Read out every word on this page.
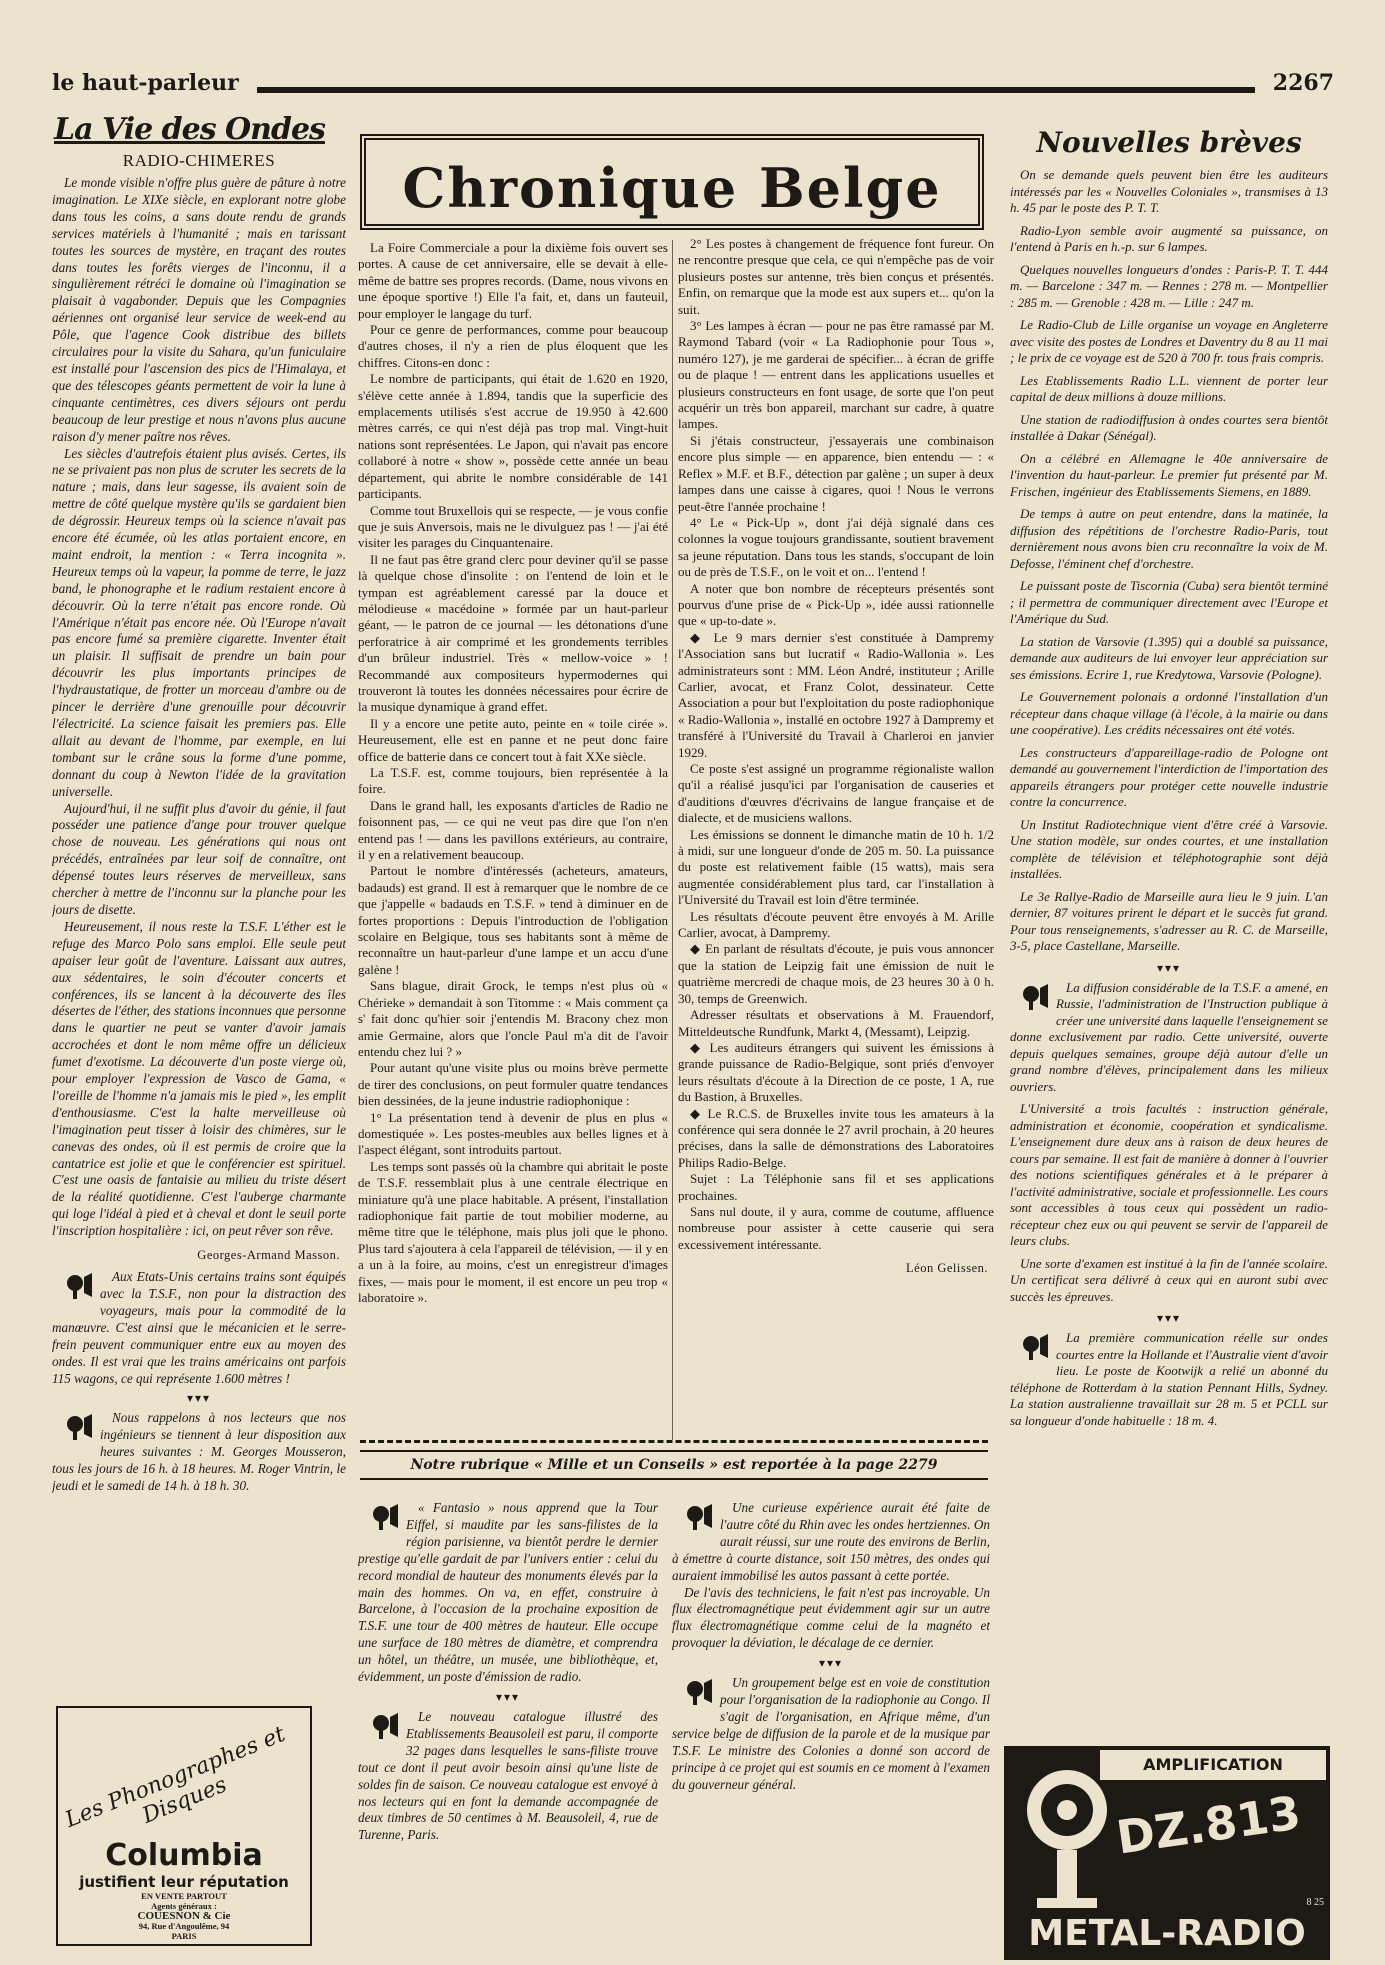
le haut-parleur	2267
La Vie des Ondes
RADIO-CHIMERES

Le monde visible n'offre plus guère de pâture à notre imagination. Le XIXe siècle, en explorant notre globe dans tous les coins, a sans doute rendu de grands services matériels à l'humanité ; mais en tarissant toutes les sources de mystère, en traçant des routes dans toutes les forêts vierges de l'inconnu, il a singulièrement rétréci le domaine où l'imagination se plaisait à vagabonder. Depuis que les Compagnies aériennes ont organisé leur service de week-end au Pôle, que l'agence Cook distribue des billets circulaires pour la visite du Sahara, qu'un funiculaire est installé pour l'ascension des pics de l'Himalaya, et que des télescopes géants permettent de voir la lune à cinquante centimètres, ces divers séjours ont perdu beaucoup de leur prestige et nous n'avons plus aucune raison d'y mener paître nos rêves.

Les siècles d'autrefois étaient plus avisés. Certes, ils ne se privaient pas non plus de scruter les secrets de la nature ; mais, dans leur sagesse, ils avaient soin de mettre de côté quelque mystère qu'ils se gardaient bien de dégrossir. Heureux temps où la science n'avait pas encore été écumée, où les atlas portaient encore, en maint endroit, la mention : « Terra incognita ». Heureux temps où la vapeur, la pomme de terre, le jazz band, le phonographe et le radium restaient encore à découvrir. Où la terre n'était pas encore ronde. Où l'Amérique n'était pas encore née. Où l'Europe n'avait pas encore fumé sa première cigarette. Inventer était un plaisir. Il suffisait de prendre un bain pour découvrir les plus importants principes de l'hydraustatique, de frotter un morceau d'ambre ou de pincer le derrière d'une grenouille pour découvrir l'électricité. La science faisait les premiers pas. Elle allait au devant de l'homme, par exemple, en lui tombant sur le crâne sous la forme d'une pomme, donnant du coup à Newton l'idée de la gravitation universelle.

Aujourd'hui, il ne suffit plus d'avoir du génie, il faut posséder une patience d'ange pour trouver quelque chose de nouveau. Les générations qui nous ont précédés, entraînées par leur soif de connaître, ont dépensé toutes leurs réserves de merveilleux, sans chercher à mettre de l'inconnu sur la planche pour les jours de disette.

Heureusement, il nous reste la T.S.F. L'éther est le refuge des Marco Polo sans emploi. Elle seule peut apaiser leur goût de l'aventure. Laissant aux autres, aux sédentaires, le soin d'écouter concerts et conférences, ils se lancent à la découverte des îles désertes de l'éther, des stations inconnues que personne dans le quartier ne peut se vanter d'avoir jamais accrochées et dont le nom même offre un délicieux fumet d'exotisme. La découverte d'un poste vierge où, pour employer l'expression de Vasco de Gama, « l'oreille de l'homme n'a jamais mis le pied », les emplit d'enthousiasme. C'est la halte merveilleuse où l'imagination peut tisser à loisir des chimères, sur le canevas des ondes, où il est permis de croire que la cantatrice est jolie et que le conférencier est spirituel. C'est une oasis de fantaisie au milieu du triste désert de la réalité quotidienne. C'est l'auberge charmante qui loge l'idéal à pied et à cheval et dont le seuil porte l'inscription hospitalière : ici, on peut rêver son rêve.

Georges-Armand Masson.

Aux Etats-Unis certains trains sont équipés avec la T.S.F., non pour la distraction des voyageurs, mais pour la commodité de la manœuvre. C'est ainsi que le mécanicien et le serre-frein peuvent communiquer entre eux au moyen des ondes. Il est vrai que les trains américains ont parfois 115 wagons, ce qui représente 1.600 mètres !

▾▾▾

Nous rappelons à nos lecteurs que nos ingénieurs se tiennent à leur disposition aux heures suivantes : M. Georges Mousseron, tous les jours de 16 h. à 18 heures. M. Roger Vintrin, le jeudi et le samedi de 14 h. à 18 h. 30.

Les Phonographes et Disques
Columbia
justifient leur réputation
EN VENTE PARTOUT
Agents généraux :
COUESNON & Cie
94, Rue d'Angoulême, 94
PARIS
Chronique Belge

La Foire Commerciale a pour la dixième fois ouvert ses portes. A cause de cet anniversaire, elle se devait à elle-même de battre ses propres records. (Dame, nous vivons en une époque sportive !) Elle l'a fait, et, dans un fauteuil, pour employer le langage du turf.

Pour ce genre de performances, comme pour beaucoup d'autres choses, il n'y a rien de plus éloquent que les chiffres. Citons-en donc :

Le nombre de participants, qui était de 1.620 en 1920, s'élève cette année à 1.894, tandis que la superficie des emplacements utilisés s'est accrue de 19.950 à 42.600 mètres carrés, ce qui n'est déjà pas trop mal. Vingt-huit nations sont représentées. Le Japon, qui n'avait pas encore collaboré à notre « show », possède cette année un beau département, qui abrite le nombre considérable de 141 participants.

Comme tout Bruxellois qui se respecte, — je vous confie que je suis Anversois, mais ne le divulguez pas ! — j'ai été visiter les parages du Cinquantenaire.

Il ne faut pas être grand clerc pour deviner qu'il se passe là quelque chose d'insolite : on l'entend de loin et le tympan est agréablement caressé par la douce et mélodieuse « macédoine » formée par un haut-parleur géant, — le patron de ce journal — les détonations d'une perforatrice à air comprimé et les grondements terribles d'un brûleur industriel. Très « mellow-voice » ! Recommandé aux compositeurs hypermodernes qui trouveront là toutes les données nécessaires pour écrire de la musique dynamique à grand effet.

Il y a encore une petite auto, peinte en « toile cirée ». Heureusement, elle est en panne et ne peut donc faire office de batterie dans ce concert tout à fait XXe siècle.

La T.S.F. est, comme toujours, bien représentée à la foire.

Dans le grand hall, les exposants d'articles de Radio ne foisonnent pas, — ce qui ne veut pas dire que l'on n'en entend pas ! — dans les pavillons extérieurs, au contraire, il y en a relativement beaucoup.

Partout le nombre d'intéressés (acheteurs, amateurs, badauds) est grand. Il est à remarquer que le nombre de ce que j'appelle « badauds en T.S.F. » tend à diminuer en de fortes proportions : Depuis l'introduction de l'obligation scolaire en Belgique, tous ses habitants sont à même de reconnaître un haut-parleur d'une lampe et un accu d'une galène !

Sans blague, dirait Grock, le temps n'est plus où « Chérieke » demandait à son Titomme : « Mais comment ça s' fait donc qu'hier soir j'entendis M. Bracony chez mon amie Germaine, alors que l'oncle Paul m'a dit de l'avoir entendu chez lui ? »

Pour autant qu'une visite plus ou moins brève permette de tirer des conclusions, on peut formuler quatre tendances bien dessinées, de la jeune industrie radiophonique :

1° La présentation tend à devenir de plus en plus « domestiquée ». Les postes-meubles aux belles lignes et à l'aspect élégant, sont introduits partout.

Les temps sont passés où la chambre qui abritait le poste de T.S.F. ressemblait plus à une centrale électrique en miniature qu'à une place habitable. A présent, l'installation radiophonique fait partie de tout mobilier moderne, au même titre que le téléphone, mais plus joli que le phono. Plus tard s'ajoutera à cela l'appareil de télévision, — il y en a un à la foire, au moins, c'est un enregistreur d'images fixes, — mais pour le moment, il est encore un peu trop « laboratoire ».

2° Les postes à changement de fréquence font fureur. On ne rencontre presque que cela, ce qui n'empêche pas de voir plusieurs postes sur antenne, très bien conçus et présentés. Enfin, on remarque que la mode est aux supers et... qu'on la suit.

3° Les lampes à écran — pour ne pas être ramassé par M. Raymond Tabard (voir « La Radiophonie pour Tous », numéro 127), je me garderai de spécifier... à écran de griffe ou de plaque ! — entrent dans les applications usuelles et plusieurs constructeurs en font usage, de sorte que l'on peut acquérir un très bon appareil, marchant sur cadre, à quatre lampes.

Si j'étais constructeur, j'essayerais une combinaison encore plus simple — en apparence, bien entendu — : « Reflex » M.F. et B.F., détection par galène ; un super à deux lampes dans une caisse à cigares, quoi ! Nous le verrons peut-être l'année prochaine !

4° Le « Pick-Up », dont j'ai déjà signalé dans ces colonnes la vogue toujours grandissante, soutient bravement sa jeune réputation. Dans tous les stands, s'occupant de loin ou de près de T.S.F., on le voit et on... l'entend !

A noter que bon nombre de récepteurs présentés sont pourvus d'une prise de « Pick-Up », idée aussi rationnelle que « up-to-date ».

◆ Le 9 mars dernier s'est constituée à Dampremy l'Association sans but lucratif « Radio-Wallonia ». Les administrateurs sont : MM. Léon André, instituteur ; Arille Carlier, avocat, et Franz Colot, dessinateur. Cette Association a pour but l'exploitation du poste radiophonique « Radio-Wallonia », installé en octobre 1927 à Dampremy et transféré à l'Université du Travail à Charleroi en janvier 1929.

Ce poste s'est assigné un programme régionaliste wallon qu'il a réalisé jusqu'ici par l'organisation de causeries et d'auditions d'œuvres d'écrivains de langue française et de dialecte, et de musiciens wallons.

Les émissions se donnent le dimanche matin de 10 h. 1/2 à midi, sur une longueur d'onde de 205 m. 50. La puissance du poste est relativement faible (15 watts), mais sera augmentée considérablement plus tard, car l'installation à l'Université du Travail est loin d'être terminée.

Les résultats d'écoute peuvent être envoyés à M. Arille Carlier, avocat, à Dampremy.

◆ En parlant de résultats d'écoute, je puis vous annoncer que la station de Leipzig fait une émission de nuit le quatrième mercredi de chaque mois, de 23 heures 30 à 0 h. 30, temps de Greenwich.

Adresser résultats et observations à M. Frauendorf, Mitteldeutsche Rundfunk, Markt 4, (Messamt), Leipzig.

◆ Les auditeurs étrangers qui suivent les émissions à grande puissance de Radio-Belgique, sont priés d'envoyer leurs résultats d'écoute à la Direction de ce poste, 1 A, rue du Bastion, à Bruxelles.

◆ Le R.C.S. de Bruxelles invite tous les amateurs à la conférence qui sera donnée le 27 avril prochain, à 20 heures précises, dans la salle de démonstrations des Laboratoires Philips Radio-Belge.

Sujet : La Téléphonie sans fil et ses applications prochaines.

Sans nul doute, il y aura, comme de coutume, affluence nombreuse pour assister à cette causerie qui sera excessivement intéressante.

Léon Gelissen.
Notre rubrique « Mille et un Conseils » est reportée à la page 2279

« Fantasio » nous apprend que la Tour Eiffel, si maudite par les sans-filistes de la région parisienne, va bientôt perdre le dernier prestige qu'elle gardait de par l'univers entier : celui du record mondial de hauteur des monuments élevés par la main des hommes. On va, en effet, construire à Barcelone, à l'occasion de la prochaine exposition de T.S.F. une tour de 400 mètres de hauteur. Elle occupe une surface de 180 mètres de diamètre, et comprendra un hôtel, un théâtre, un musée, une bibliothèque, et, évidemment, un poste d'émission de radio.

▾▾▾

Le nouveau catalogue illustré des Etablissements Beausoleil est paru, il comporte 32 pages dans lesquelles le sans-filiste trouve tout ce dont il peut avoir besoin ainsi qu'une liste de soldes fin de saison. Ce nouveau catalogue est envoyé à nos lecteurs qui en font la demande accompagnée de deux timbres de 50 centimes à M. Beausoleil, 4, rue de Turenne, Paris.

Une curieuse expérience aurait été faite de l'autre côté du Rhin avec les ondes hertziennes. On aurait réussi, sur une route des environs de Berlin, à émettre à courte distance, soit 150 mètres, des ondes qui auraient immobilisé les autos passant à cette portée.

De l'avis des techniciens, le fait n'est pas incroyable. Un flux électromagnétique peut évidemment agir sur un autre flux électromagnétique comme celui de la magnéto et provoquer la déviation, le décalage de ce dernier.

▾▾▾

Un groupement belge est en voie de constitution pour l'organisation de la radiophonie au Congo. Il s'agit de l'organisation, en Afrique même, d'un service belge de diffusion de la parole et de la musique par T.S.F. Le ministre des Colonies a donné son accord de principe à ce projet qui est soumis en ce moment à l'examen du gouverneur général.

Nouvelles brèves

On se demande quels peuvent bien être les auditeurs intéressés par les « Nouvelles Coloniales », transmises à 13 h. 45 par le poste des P. T. T.

Radio-Lyon semble avoir augmenté sa puissance, on l'entend à Paris en h.-p. sur 6 lampes.

Quelques nouvelles longueurs d'ondes : Paris-P. T. T. 444 m. — Barcelone : 347 m. — Rennes : 278 m. — Montpellier : 285 m. — Grenoble : 428 m. — Lille : 247 m.

Le Radio-Club de Lille organise un voyage en Angleterre avec visite des postes de Londres et Daventry du 8 au 11 mai ; le prix de ce voyage est de 520 à 700 fr. tous frais compris.

Les Etablissements Radio L.L. viennent de porter leur capital de deux millions à douze millions.

Une station de radiodiffusion à ondes courtes sera bientôt installée à Dakar (Sénégal).

On a célébré en Allemagne le 40e anniversaire de l'invention du haut-parleur. Le premier fut présenté par M. Frischen, ingénieur des Etablissements Siemens, en 1889.

De temps à autre on peut entendre, dans la matinée, la diffusion des répétitions de l'orchestre Radio-Paris, tout dernièrement nous avons bien cru reconnaître la voix de M. Defosse, l'éminent chef d'orchestre.

Le puissant poste de Tiscornia (Cuba) sera bientôt terminé ; il permettra de communiquer directement avec l'Europe et l'Amérique du Sud.

La station de Varsovie (1.395) qui a doublé sa puissance, demande aux auditeurs de lui envoyer leur appréciation sur ses émissions. Ecrire 1, rue Kredytowa, Varsovie (Pologne).

Le Gouvernement polonais a ordonné l'installation d'un récepteur dans chaque village (à l'école, à la mairie ou dans une coopérative). Les crédits nécessaires ont été votés.

Les constructeurs d'appareillage-radio de Pologne ont demandé au gouvernement l'interdiction de l'importation des appareils étrangers pour protéger cette nouvelle industrie contre la concurrence.

Un Institut Radiotechnique vient d'être créé à Varsovie. Une station modèle, sur ondes courtes, et une installation complète de télévision et téléphotographie sont déjà installées.

Le 3e Rallye-Radio de Marseille aura lieu le 9 juin. L'an dernier, 87 voitures prirent le départ et le succès fut grand. Pour tous renseignements, s'adresser au R. C. de Marseille, 3-5, place Castellane, Marseille.

▾▾▾

La diffusion considérable de la T.S.F. a amené, en Russie, l'administration de l'Instruction publique à créer une université dans laquelle l'enseignement se donne exclusivement par radio. Cette université, ouverte depuis quelques semaines, groupe déjà autour d'elle un grand nombre d'élèves, principalement dans les milieux ouvriers.

L'Université a trois facultés : instruction générale, administration et économie, coopération et syndicalisme. L'enseignement dure deux ans à raison de deux heures de cours par semaine. Il est fait de manière à donner à l'ouvrier des notions scientifiques générales et à le préparer à l'activité administrative, sociale et professionnelle. Les cours sont accessibles à tous ceux qui possèdent un radio-récepteur chez eux ou qui peuvent se servir de l'appareil de leurs clubs.

Une sorte d'examen est institué à la fin de l'année scolaire. Un certificat sera délivré à ceux qui en auront subi avec succès les épreuves.

▾▾▾

La première communication réelle sur ondes courtes entre la Hollande et l'Australie vient d'avoir lieu. Le poste de Kootwijk a relié un abonné du téléphone de Rotterdam à la station Pennant Hills, Sydney. La station australienne travaillait sur 28 m. 5 et PCLL sur sa longueur d'onde habituelle : 18 m. 4.

AMPLIFICATION
DZ.813
8 25
METAL-RADIO
